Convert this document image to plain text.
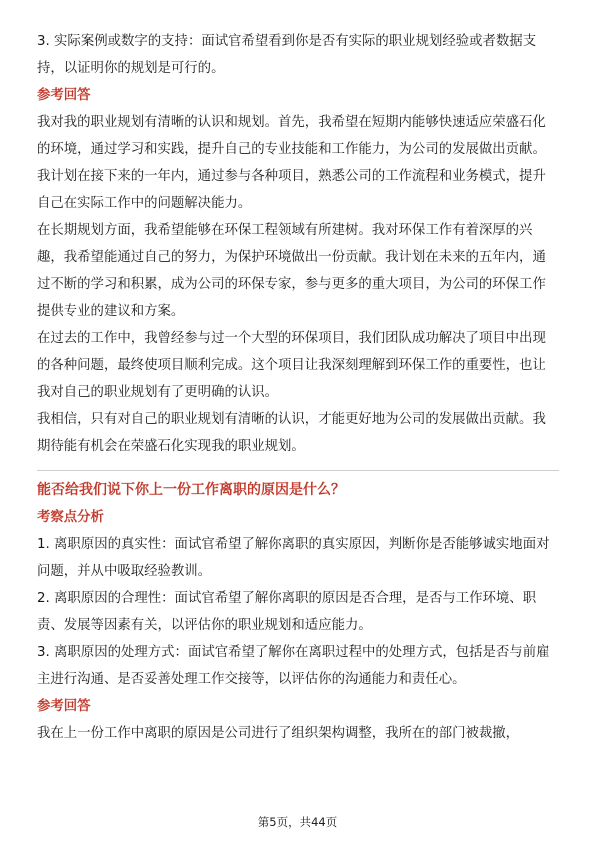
3. 实际案例或数字的支持：面试官希望看到你是否有实际的职业规划经验或者数据支持，以证明你的规划是可行的。

参考回答

我对我的职业规划有清晰的认识和规划。首先，我希望在短期内能够快速适应荣盛石化的环境，通过学习和实践，提升自己的专业技能和工作能力，为公司的发展做出贡献。我计划在接下来的一年内，通过参与各种项目，熟悉公司的工作流程和业务模式，提升自己在实际工作中的问题解决能力。

在长期规划方面，我希望能够在环保工程领域有所建树。我对环保工作有着深厚的兴趣，我希望能通过自己的努力，为保护环境做出一份贡献。我计划在未来的五年内，通过不断的学习和积累，成为公司的环保专家，参与更多的重大项目，为公司的环保工作提供专业的建议和方案。

在过去的工作中，我曾经参与过一个大型的环保项目，我们团队成功解决了项目中出现的各种问题，最终使项目顺利完成。这个项目让我深刻理解到环保工作的重要性，也让我对自己的职业规划有了更明确的认识。

我相信，只有对自己的职业规划有清晰的认识，才能更好地为公司的发展做出贡献。我期待能有机会在荣盛石化实现我的职业规划。

能否给我们说下你上一份工作离职的原因是什么？

考察点分析

1. 离职原因的真实性：面试官希望了解你离职的真实原因，判断你是否能够诚实地面对问题，并从中吸取经验教训。

2. 离职原因的合理性：面试官希望了解你离职的原因是否合理，是否与工作环境、职责、发展等因素有关，以评估你的职业规划和适应能力。

3. 离职原因的处理方式：面试官希望了解你在离职过程中的处理方式，包括是否与前雇主进行沟通、是否妥善处理工作交接等，以评估你的沟通能力和责任心。

参考回答

我在上一份工作中离职的原因是公司进行了组织架构调整，我所在的部门被裁撤，

第5页，共44页
